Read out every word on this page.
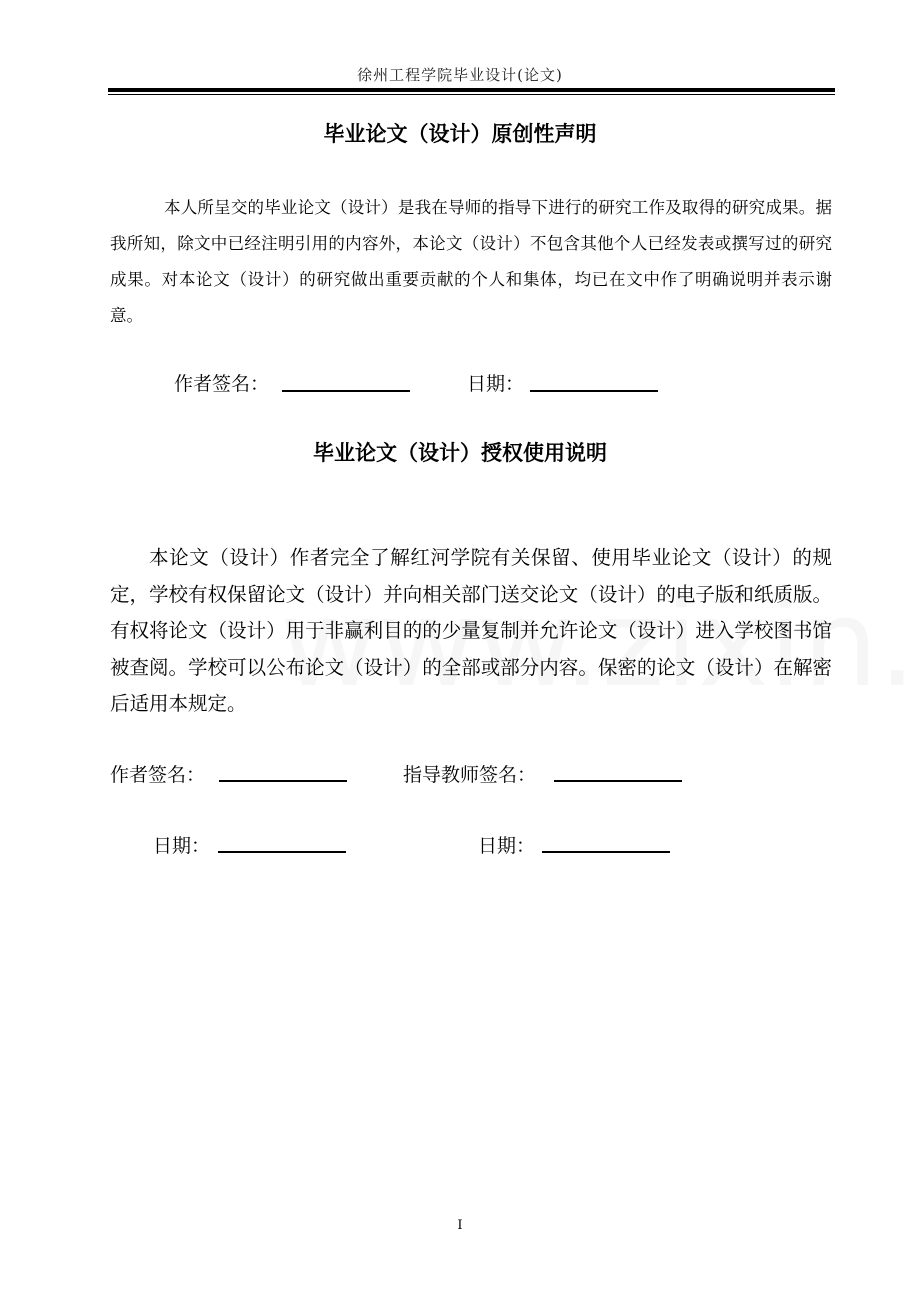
徐州工程学院毕业设计(论文)
毕业论文（设计）原创性声明

本人所呈交的毕业论文（设计）是我在导师的指导下进行的研究工作及取得的研究成果。据我所知，除文中已经注明引用的内容外，本论文（设计）不包含其他个人已经发表或撰写过的研究成果。对本论文（设计）的研究做出重要贡献的个人和集体，均已在文中作了明确说明并表示谢意。

作者签名：	日期：
毕业论文（设计）授权使用说明

本论文（设计）作者完全了解红河学院有关保留、使用毕业论文（设计）的规定，学校有权保留论文（设计）并向相关部门送交论文（设计）的电子版和纸质版。有权将论文（设计）用于非赢利目的的少量复制并允许论文（设计）进入学校图书馆被查阅。学校可以公布论文（设计）的全部或部分内容。保密的论文（设计）在解密后适用本规定。

作者签名：	指导教师签名：
日期：	日期：
I
